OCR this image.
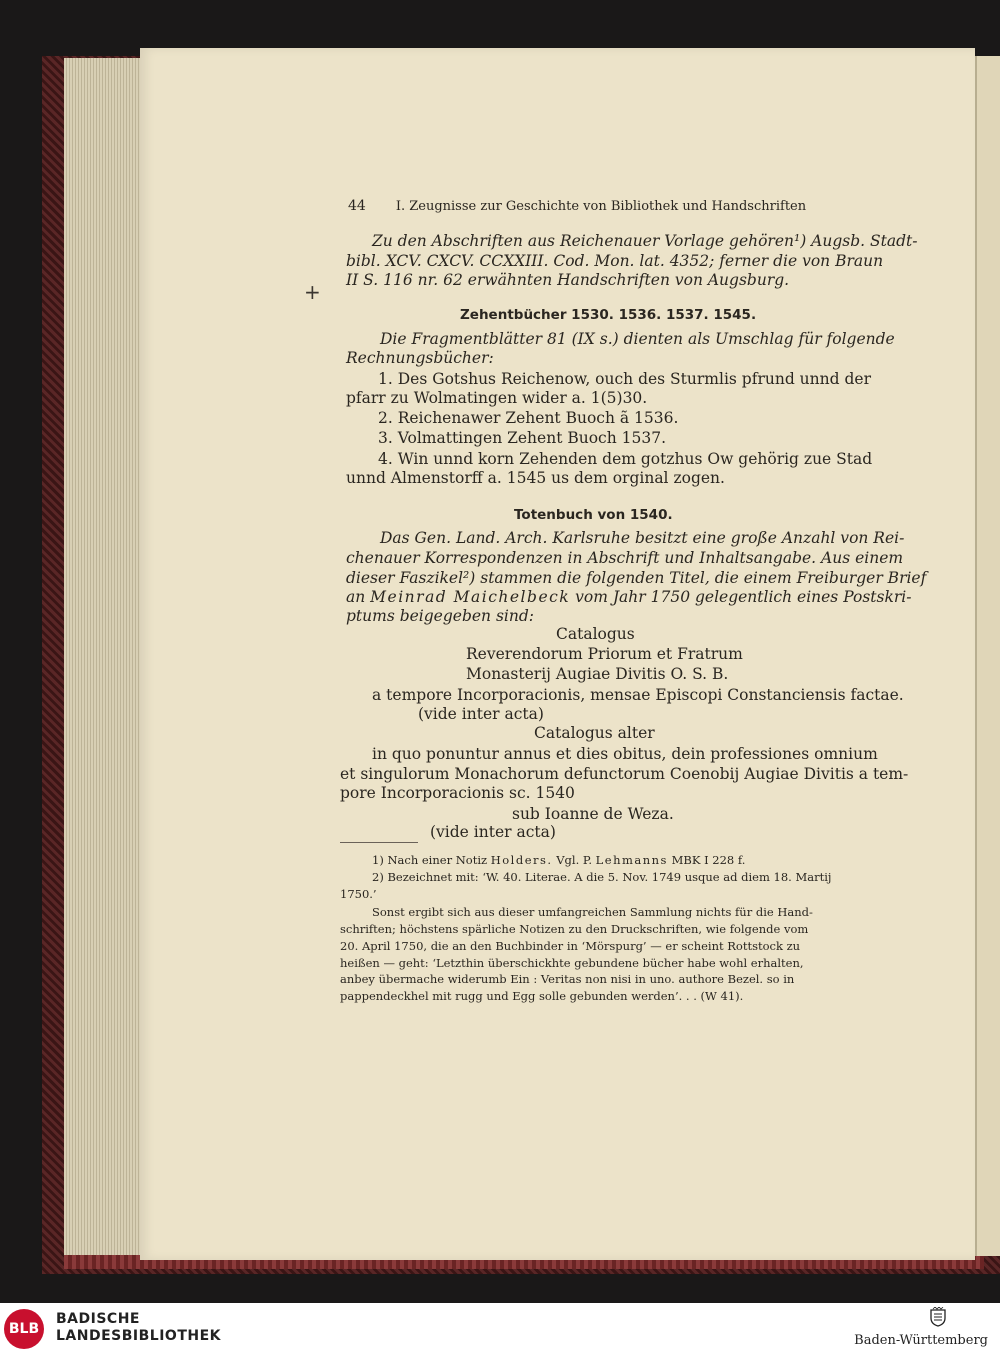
44 I. Zeugnisse zur Geschichte von Bibliothek und Handschriften
Zu den Abschriften aus Reichenauer Vorlage gehören¹) Augsb. Stadt-
bibl. XCV. CXCV. CCXXIII. Cod. Mon. lat. 4352; ferner die von Braun
II S. 116 nr. 62 erwähnten Handschriften von Augsburg.
+
Zehentbücher 1530. 1536. 1537. 1545.
Die Fragmentblätter 81 (IX s.) dienten als Umschlag für folgende
Rechnungsbücher:
1. Des Gotshus Reichenow, ouch des Sturmlis pfrund unnd der
pfarr zu Wolmatingen wider a. 1(5)30.
2. Reichenawer Zehent Buoch ã 1536.
3. Volmattingen Zehent Buoch 1537.
4. Win unnd korn Zehenden dem gotzhus Ow gehörig zue Stad
unnd Almenstorff a. 1545 us dem orginal zogen.
Totenbuch von 1540.
Das Gen. Land. Arch. Karlsruhe besitzt eine große Anzahl von Rei-
chenauer Korrespondenzen in Abschrift und Inhaltsangabe. Aus einem
dieser Faszikel²) stammen die folgenden Titel, die einem Freiburger Brief
an Meinrad Maichelbeck vom Jahr 1750 gelegentlich eines Postskri-
ptums beigegeben sind:
Catalogus
Reverendorum Priorum et Fratrum
Monasterij Augiae Divitis O. S. B.
a tempore Incorporacionis, mensae Episcopi Constanciensis factae.
(vide inter acta)
Catalogus alter
in quo ponuntur annus et dies obitus, dein professiones omnium
et singulorum Monachorum defunctorum Coenobij Augiae Divitis a tem-
pore Incorporacionis sc. 1540
sub Ioanne de Weza.
(vide inter acta)
1) Nach einer Notiz Holders. Vgl. P. Lehmanns MBK I 228 f.
2) Bezeichnet mit: ʻW. 40. Literae. A die 5. Nov. 1749 usque ad diem 18. Martij
1750.’
Sonst ergibt sich aus dieser umfangreichen Sammlung nichts für die Hand-
schriften; höchstens spärliche Notizen zu den Druckschriften, wie folgende vom
20. April 1750, die an den Buchbinder in ʻMörspurg’ — er scheint Rottstock zu
heißen — geht: ʻLetzthin überschickhte gebundene bücher habe wohl erhalten,
anbey übermache widerumb Ein : Veritas non nisi in uno. authore Bezel. so in
pappendeckhel mit rugg und Egg solle gebunden werden’. . . (W 41).
BLB
BADISCHE
LANDESBIBLIOTHEK	Baden-Württemberg
